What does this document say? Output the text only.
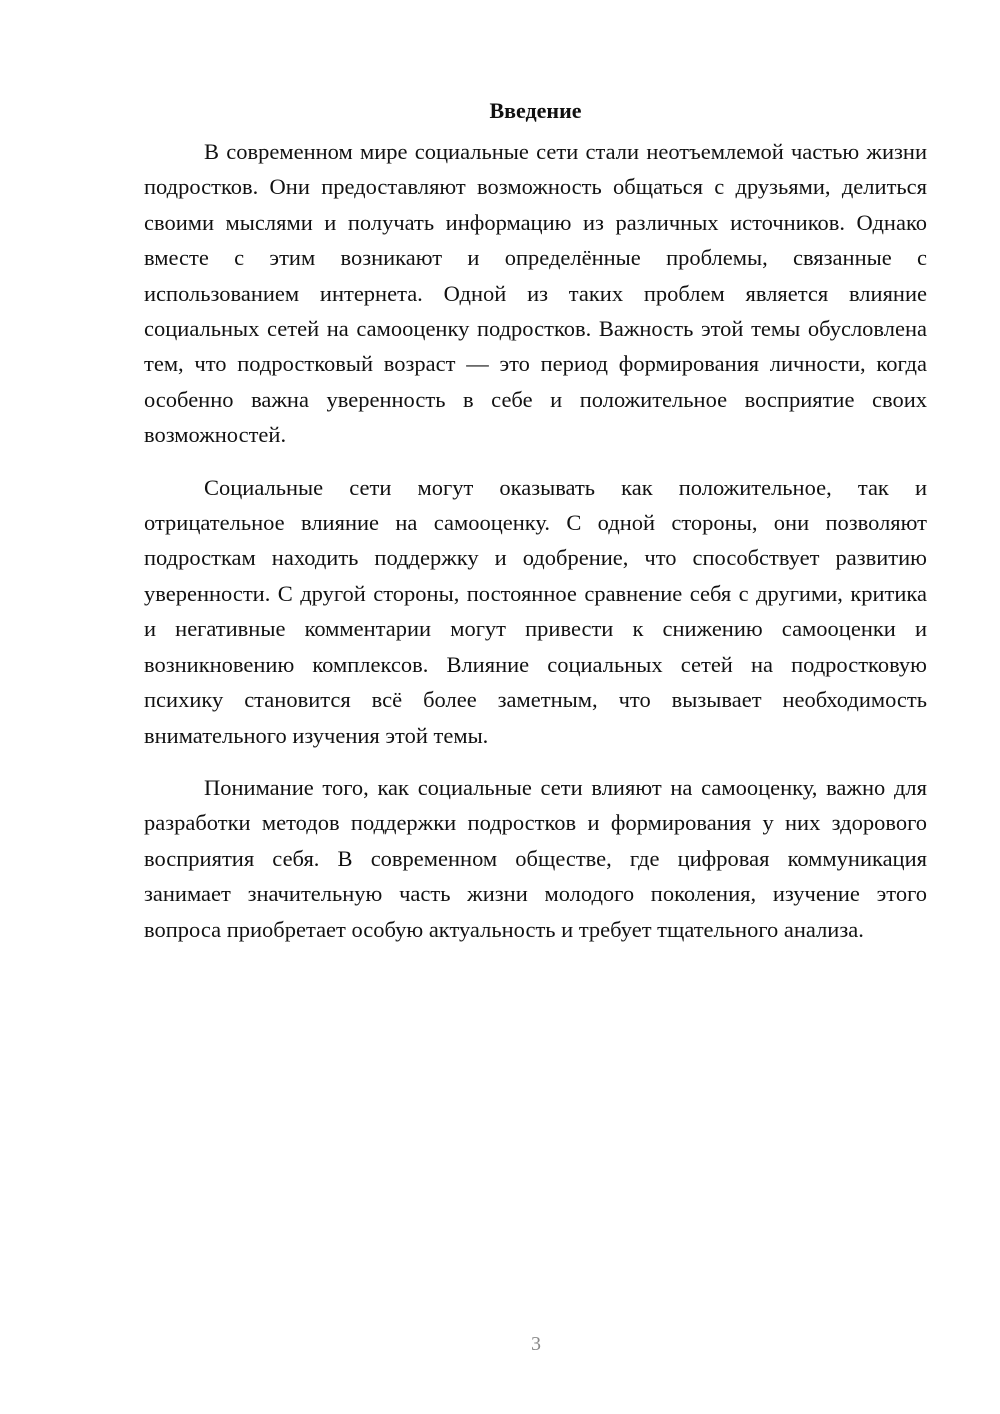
Введение

В современном мире социальные сети стали неотъемлемой частью жизни подростков. Они предоставляют возможность общаться с друзьями, делиться своими мыслями и получать информацию из различных источников. Однако вместе с этим возникают и определённые проблемы, связанные с использованием интернета. Одной из таких проблем является влияние социальных сетей на самооценку подростков. Важность этой темы обусловлена тем, что подростковый возраст — это период формирования личности, когда особенно важна уверенность в себе и положительное восприятие своих возможностей.

Социальные сети могут оказывать как положительное, так и отрицательное влияние на самооценку. С одной стороны, они позволяют подросткам находить поддержку и одобрение, что способствует развитию уверенности. С другой стороны, постоянное сравнение себя с другими, критика и негативные комментарии могут привести к снижению самооценки и возникновению комплексов. Влияние социальных сетей на подростковую психику становится всё более заметным, что вызывает необходимость внимательного изучения этой темы.

Понимание того, как социальные сети влияют на самооценку, важно для разработки методов поддержки подростков и формирования у них здорового восприятия себя. В современном обществе, где цифровая коммуникация занимает значительную часть жизни молодого поколения, изучение этого вопроса приобретает особую актуальность и требует тщательного анализа.

3
